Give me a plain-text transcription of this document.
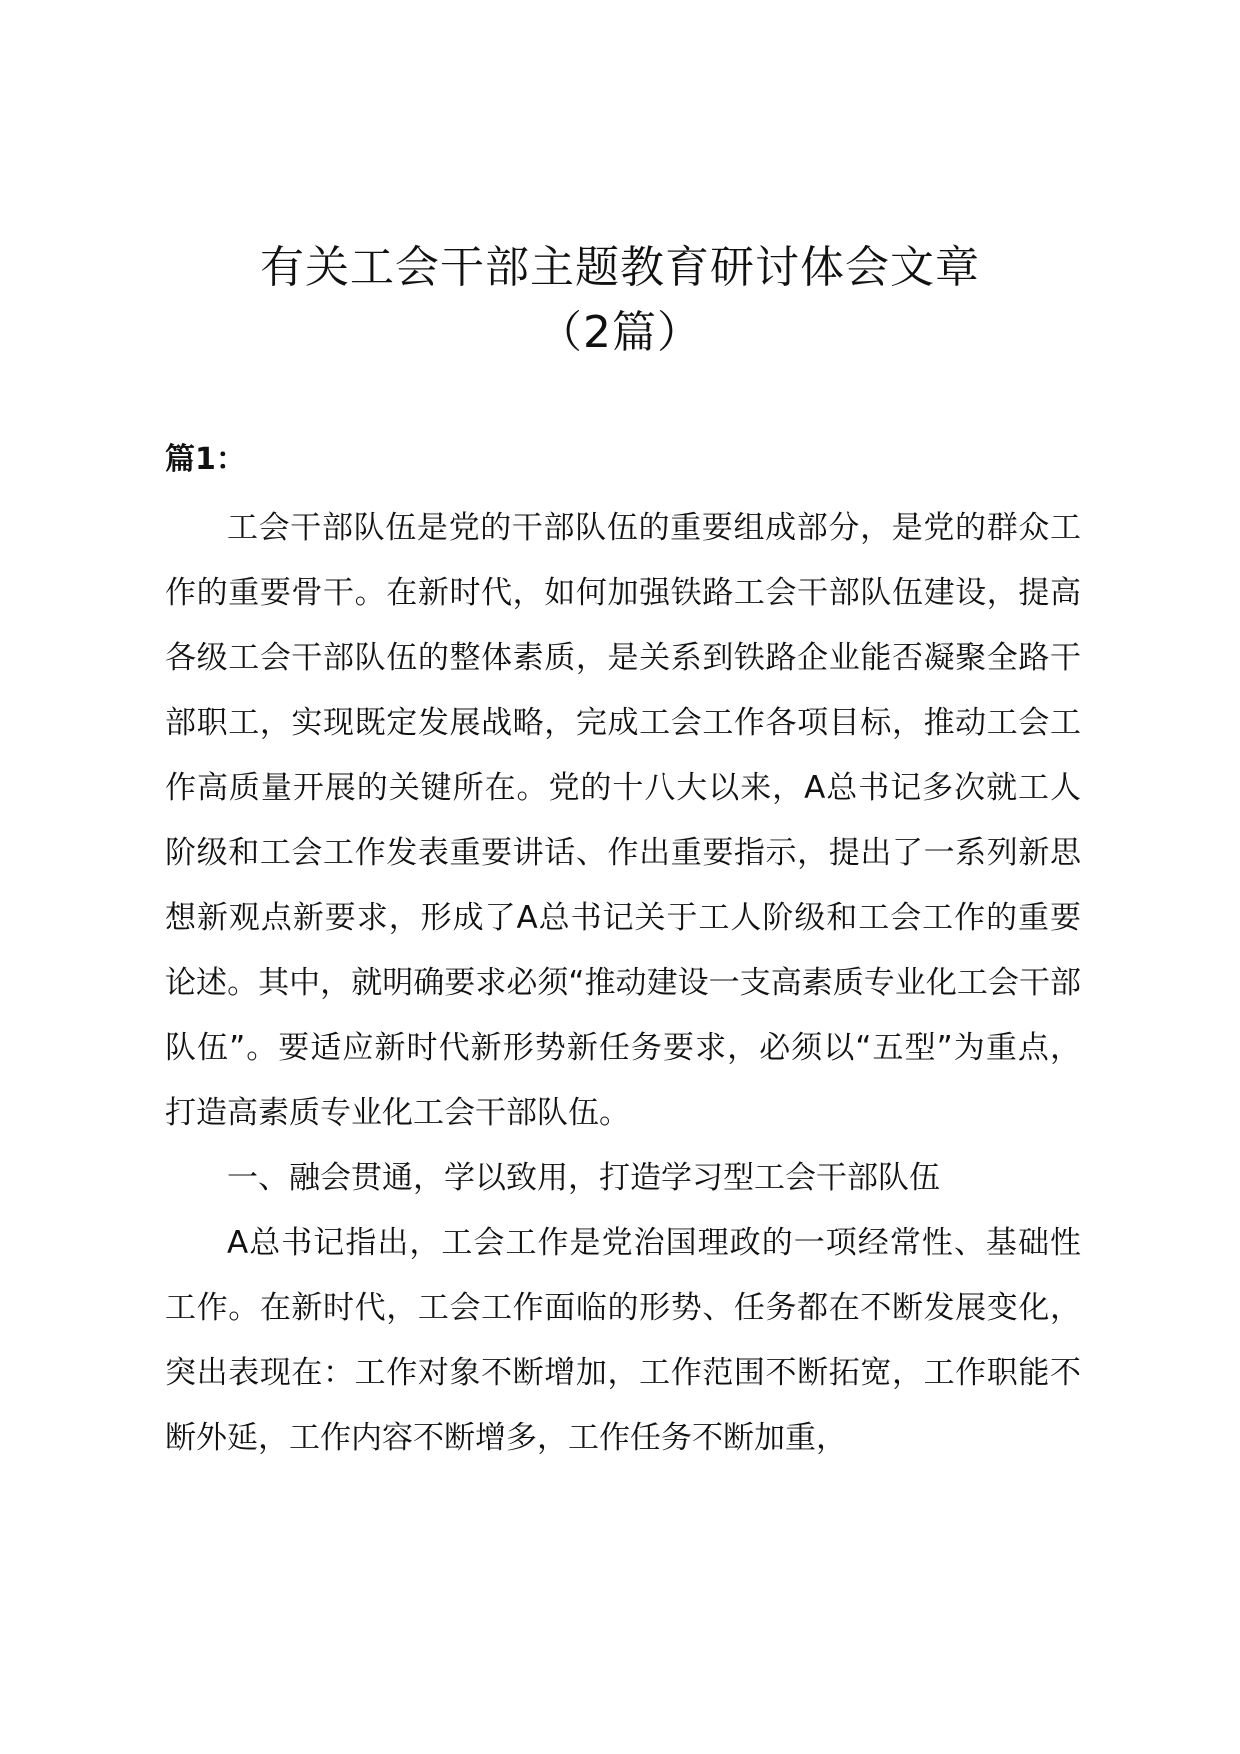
有关工会干部主题教育研讨体会文章
（2篇）
篇1：

工会干部队伍是党的干部队伍的重要组成部分，是党的群众工作的重要骨干。在新时代，如何加强铁路工会干部队伍建设，提高各级工会干部队伍的整体素质，是关系到铁路企业能否凝聚全路干部职工，实现既定发展战略，完成工会工作各项目标，推动工会工作高质量开展的关键所在。党的十八大以来，A总书记多次就工人阶级和工会工作发表重要讲话、作出重要指示，提出了一系列新思想新观点新要求，形成了A总书记关于工人阶级和工会工作的重要论述。其中，就明确要求必须“推动建设一支高素质专业化工会干部队伍”。要适应新时代新形势新任务要求，必须以“五型”为重点，打造高素质专业化工会干部队伍。

一、融会贯通，学以致用，打造学习型工会干部队伍

A总书记指出，工会工作是党治国理政的一项经常性、基础性工作。在新时代，工会工作面临的形势、任务都在不断发展变化，突出表现在：工作对象不断增加，工作范围不断拓宽，工作职能不断外延，工作内容不断增多，工作任务不断加重，
